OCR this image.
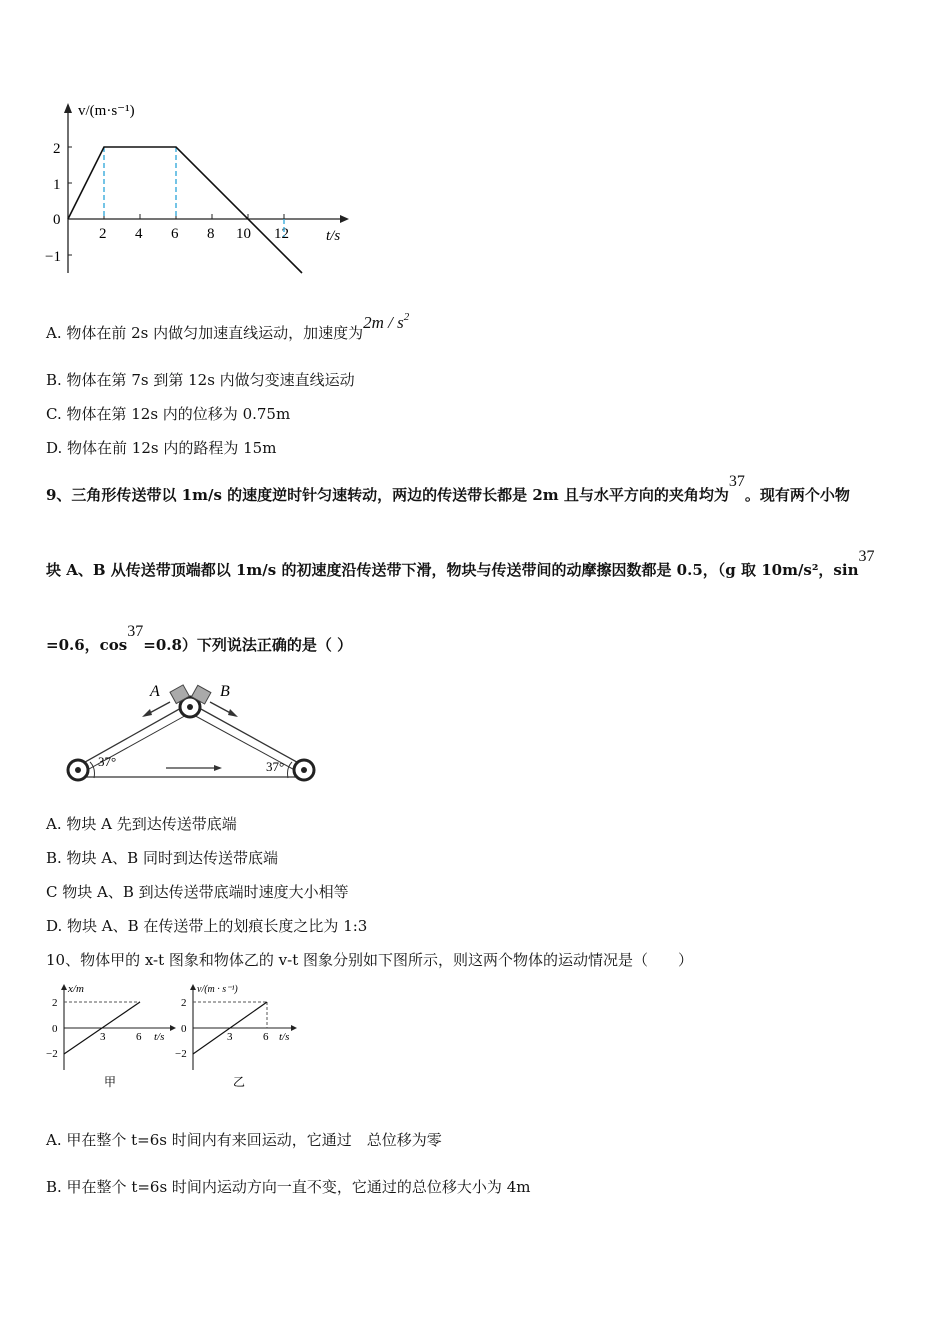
v/(m·s⁻¹)
t/s
2
1
0
−1
2 4 6 8 10 12
A. 物体在前 2s 内做匀加速直线运动，加速度为$2m / s^2$
B. 物体在第 7s 到第 12s 内做匀变速直线运动
C. 物体在第 12s 内的位移为 0.75m
D. 物体在前 12s 内的路程为 15m
9、三角形传送带以 1m/s 的速度逆时针匀速转动，两边的传送带长都是 2m 且与水平方向的夹角均为37。现有两个小物
块 A、B 从传送带顶端都以 1m/s 的初速度沿传送带下滑，物块与传送带间的动摩擦因数都是 0.5，（g 取 10m/s²，sin37
=0.6，cos37=0.8）下列说法正确的是（ ）
A	B
37°	37°
A. 物块 A 先到达传送带底端
B. 物块 A、B 同时到达传送带底端
C 物块 A、B 到达传送带底端时速度大小相等
D. 物块 A、B 在传送带上的划痕长度之比为 1:3
10、物体甲的 x-t 图象和物体乙的 v-t 图象分别如下图所示，则这两个物体的运动情况是（　　）
x/m
t/s
2
0
−2
3	6
甲
v/(m · s⁻¹)
t/s
2
0
−2
3	6
乙
A. 甲在整个 t=6s 时间内有来回运动，它通过　总位移为零
B. 甲在整个 t=6s 时间内运动方向一直不变，它通过的总位移大小为 4m
